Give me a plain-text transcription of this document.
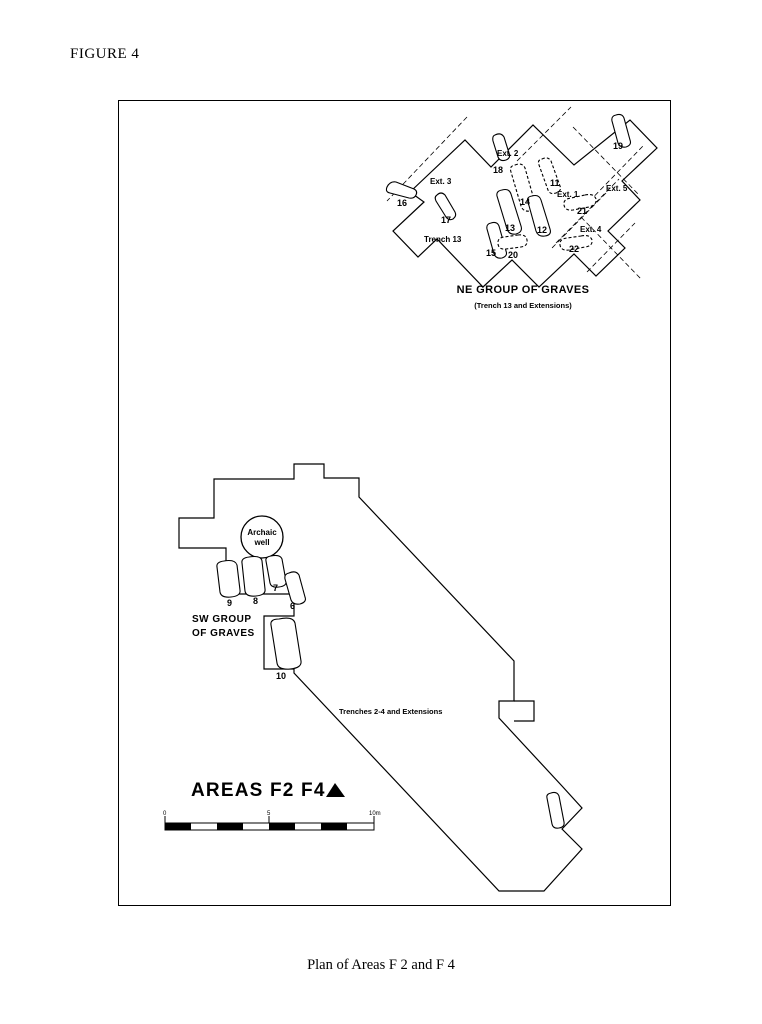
FIGURE 4
16
17
18
19
11
14
13 12
15 20
21
22
Ext. 2
Ext. 3
Ext. 5
Ext. 1
Ext. 4
Trench 13
NE GROUP OF GRAVES
(Trench 13 and Extensions)
Archaic
well
9 8
7
6
10
SW GROUP
OF GRAVES
Trenches 2-4 and Extensions
AREAS F2 F4
0	5	10m
Plan of Areas F 2 and F 4
